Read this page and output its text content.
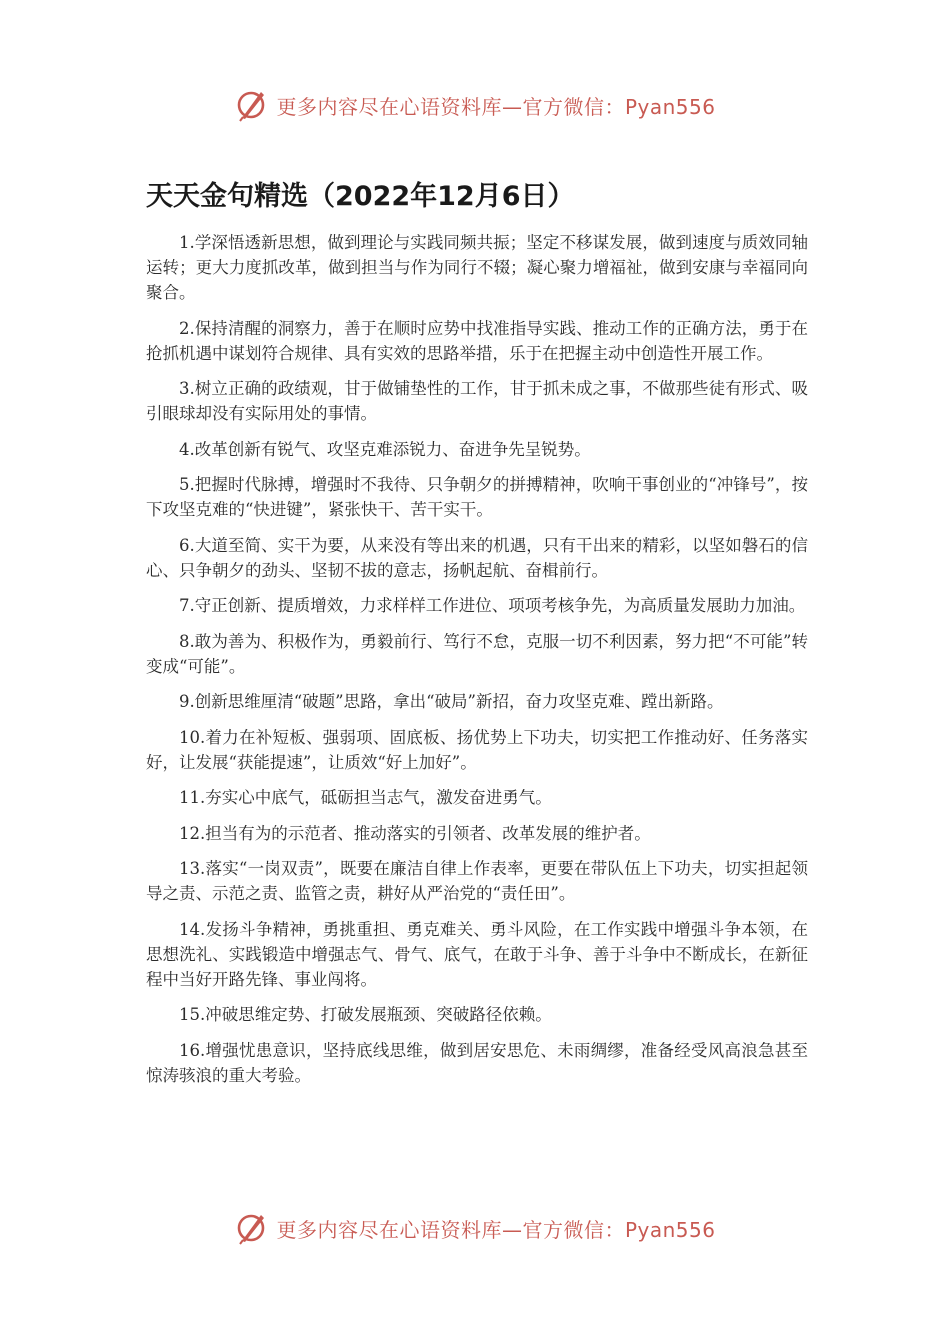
更多内容尽在心语资料库—官方微信：Pyan556
天天金句精选（2022年12月6日）

1.学深悟透新思想，做到理论与实践同频共振；坚定不移谋发展，做到速度与质效同轴运转；更大力度抓改革，做到担当与作为同行不辍；凝心聚力增福祉，做到安康与幸福同向聚合。

2.保持清醒的洞察力，善于在顺时应势中找准指导实践、推动工作的正确方法，勇于在抢抓机遇中谋划符合规律、具有实效的思路举措，乐于在把握主动中创造性开展工作。

3.树立正确的政绩观，甘于做铺垫性的工作，甘于抓未成之事，不做那些徒有形式、吸引眼球却没有实际用处的事情。

4.改革创新有锐气、攻坚克难添锐力、奋进争先呈锐势。

5.把握时代脉搏，增强时不我待、只争朝夕的拼搏精神，吹响干事创业的“冲锋号”，按下攻坚克难的“快进键”，紧张快干、苦干实干。

6.大道至简、实干为要，从来没有等出来的机遇，只有干出来的精彩，以坚如磐石的信心、只争朝夕的劲头、坚韧不拔的意志，扬帆起航、奋楫前行。

7.守正创新、提质增效，力求样样工作进位、项项考核争先，为高质量发展助力加油。

8.敢为善为、积极作为，勇毅前行、笃行不怠，克服一切不利因素，努力把“不可能”转变成“可能”。

9.创新思维厘清“破题”思路，拿出“破局”新招，奋力攻坚克难、蹚出新路。

10.着力在补短板、强弱项、固底板、扬优势上下功夫，切实把工作推动好、任务落实好，让发展“获能提速”，让质效“好上加好”。

11.夯实心中底气，砥砺担当志气，激发奋进勇气。

12.担当有为的示范者、推动落实的引领者、改革发展的维护者。

13.落实“一岗双责”，既要在廉洁自律上作表率，更要在带队伍上下功夫，切实担起领导之责、示范之责、监管之责，耕好从严治党的“责任田”。

14.发扬斗争精神，勇挑重担、勇克难关、勇斗风险，在工作实践中增强斗争本领，在思想洗礼、实践锻造中增强志气、骨气、底气，在敢于斗争、善于斗争中不断成长，在新征程中当好开路先锋、事业闯将。

15.冲破思维定势、打破发展瓶颈、突破路径依赖。

16.增强忧患意识，坚持底线思维，做到居安思危、未雨绸缪，准备经受风高浪急甚至惊涛骇浪的重大考验。

更多内容尽在心语资料库—官方微信：Pyan556
